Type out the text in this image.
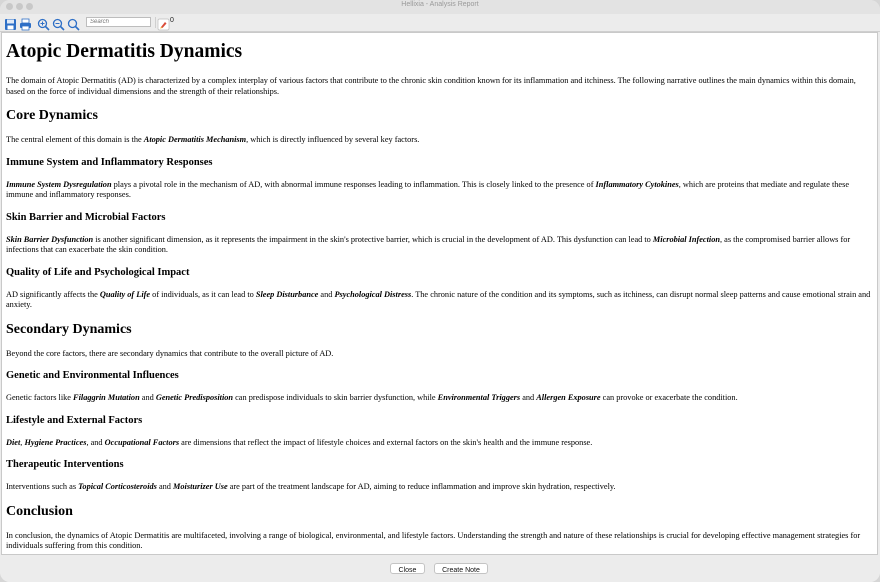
Hellixia - Analysis Report
Search
0
Atopic Dermatitis Dynamics

The domain of Atopic Dermatitis (AD) is characterized by a complex interplay of various factors that contribute to the chronic skin condition known for its inflammation and itchiness. The following narrative outlines the main dynamics within this domain, based on the force of individual dimensions and the strength of their relationships.

Core Dynamics

The central element of this domain is the Atopic Dermatitis Mechanism, which is directly influenced by several key factors.

Immune System and Inflammatory Responses

Immune System Dysregulation plays a pivotal role in the mechanism of AD, with abnormal immune responses leading to inflammation. This is closely linked to the presence of Inflammatory Cytokines, which are proteins that mediate and regulate these immune and inflammatory responses.

Skin Barrier and Microbial Factors

Skin Barrier Dysfunction is another significant dimension, as it represents the impairment in the skin's protective barrier, which is crucial in the development of AD. This dysfunction can lead to Microbial Infection, as the compromised barrier allows for infections that can exacerbate the skin condition.

Quality of Life and Psychological Impact

AD significantly affects the Quality of Life of individuals, as it can lead to Sleep Disturbance and Psychological Distress. The chronic nature of the condition and its symptoms, such as itchiness, can disrupt normal sleep patterns and cause emotional strain and anxiety.

Secondary Dynamics

Beyond the core factors, there are secondary dynamics that contribute to the overall picture of AD.

Genetic and Environmental Influences

Genetic factors like Filaggrin Mutation and Genetic Predisposition can predispose individuals to skin barrier dysfunction, while Environmental Triggers and Allergen Exposure can provoke or exacerbate the condition.

Lifestyle and External Factors

Diet, Hygiene Practices, and Occupational Factors are dimensions that reflect the impact of lifestyle choices and external factors on the skin's health and the immune response.

Therapeutic Interventions

Interventions such as Topical Corticosteroids and Moisturizer Use are part of the treatment landscape for AD, aiming to reduce inflammation and improve skin hydration, respectively.

Conclusion

In conclusion, the dynamics of Atopic Dermatitis are multifaceted, involving a range of biological, environmental, and lifestyle factors. Understanding the strength and nature of these relationships is crucial for developing effective management strategies for individuals suffering from this condition.

Close	Create Note
